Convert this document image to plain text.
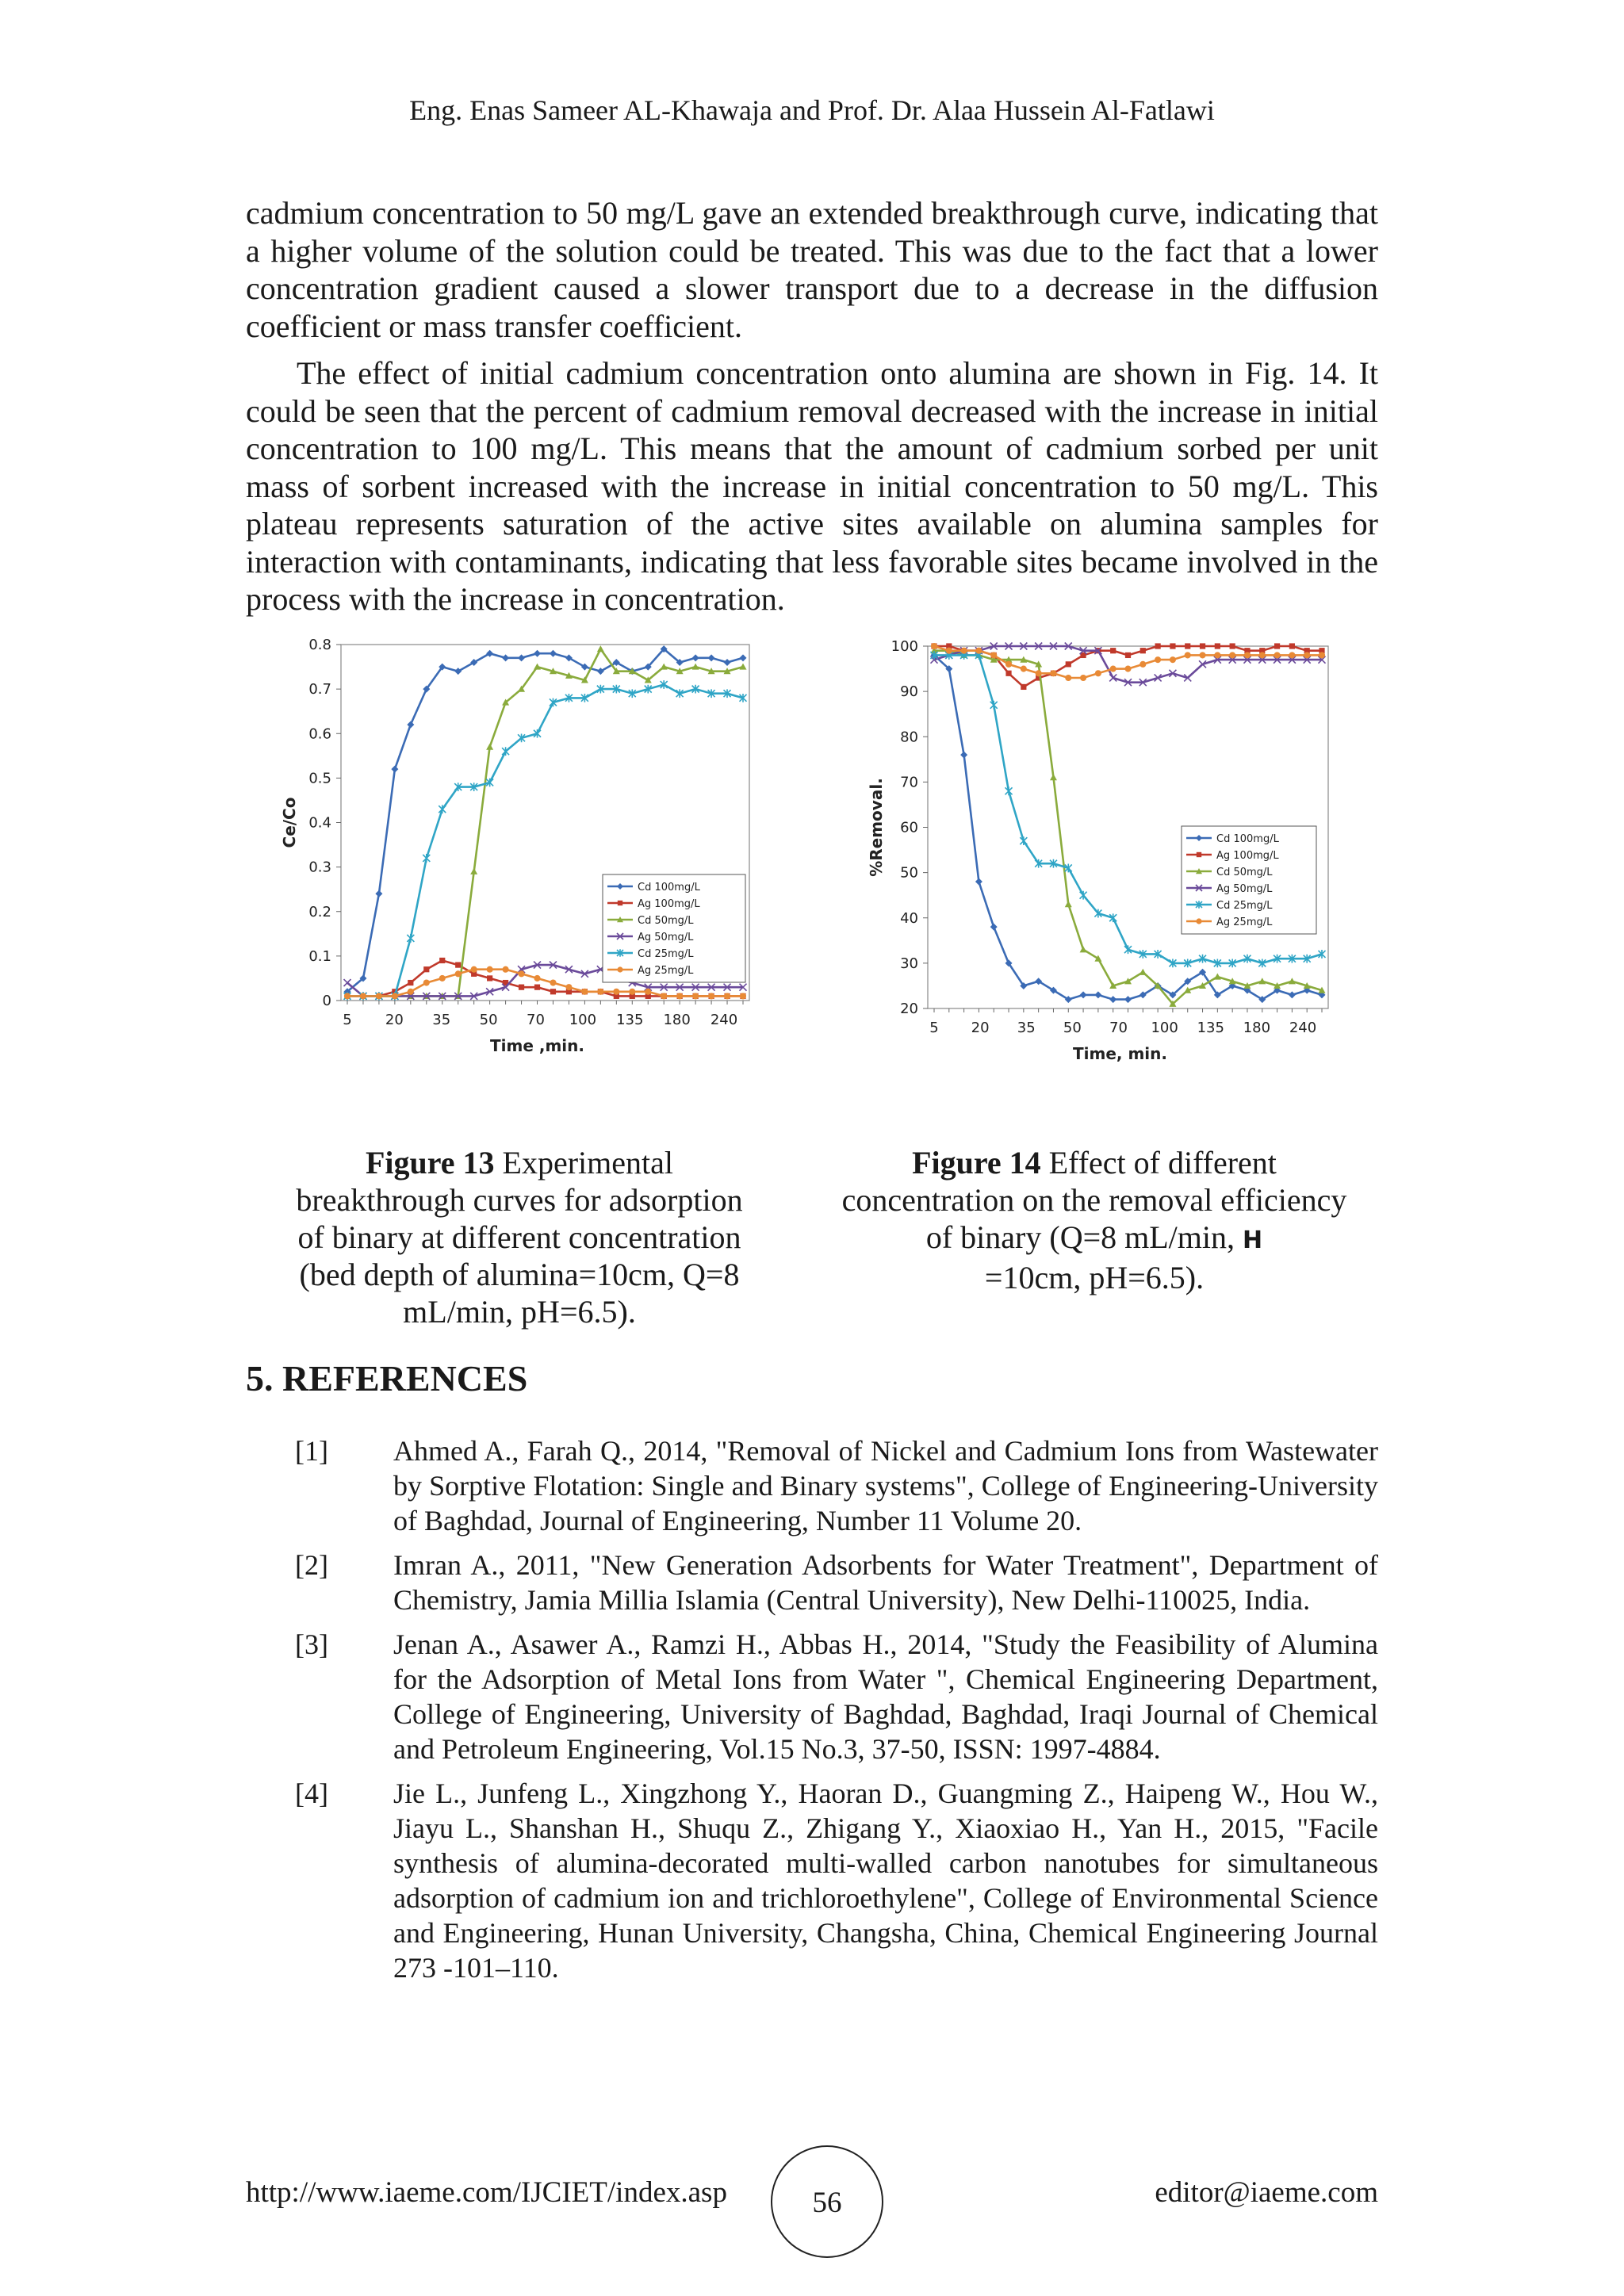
Eng. Enas Sameer AL-Khawaja and Prof. Dr. Alaa Hussein Al-Fatlawi

cadmium concentration to 50 mg/L gave an extended breakthrough curve, indicating that a higher volume of the solution could be treated. This was due to the fact that a lower concentration gradient caused a slower transport due to a decrease in the diffusion coefficient or mass transfer coefficient.

The effect of initial cadmium concentration onto alumina are shown in Fig. 14. It could be seen that the percent of cadmium removal decreased with the increase in initial concentration to 100 mg/L. This means that the amount of cadmium sorbed per unit mass of sorbent increased with the increase in initial concentration to 50 mg/L. This plateau represents saturation of the active sites available on alumina samples for interaction with contaminants, indicating that less favorable sites became involved in the process with the increase in concentration.

0
0.1
0.2
0.3
0.4
0.5
0.6
0.7
0.8
5 20 35 50 70 100 135 180 240
Time ,min.
Ce/Co
Cd 100mg/L
Ag 100mg/L
Cd 50mg/L
Ag 50mg/L
Cd 25mg/L
Ag 25mg/L
20
30
40
50
60
70
80
90
100
5 20 35 50 70 100 135 180 240
Time, min.
%Removal.	Cd 100mg/L
Ag 100mg/L
Cd 50mg/L
Ag 50mg/L
Cd 25mg/L
Ag 25mg/L
Figure 13 Experimental breakthrough curves for adsorption of binary at different concentration (bed depth of alumina=10cm, Q=8 mL/min, pH=6.5).
Figure 14 Effect of different concentration on the removal efficiency of binary (Q=8 mL/min, H
=10cm, pH=6.5).
5. REFERENCES
[1] Ahmed A., Farah Q., 2014, "Removal of Nickel and Cadmium Ions from Wastewater by Sorptive Flotation: Single and Binary systems", College of Engineering-University of Baghdad, Journal of Engineering, Number 11 Volume 20.
[2] Imran A., 2011, "New Generation Adsorbents for Water Treatment", Department of Chemistry, Jamia Millia Islamia (Central University), New Delhi-110025, India.
[3] Jenan A., Asawer A., Ramzi H., Abbas H., 2014, "Study the Feasibility of Alumina for the Adsorption of Metal Ions from Water ", Chemical Engineering Department, College of Engineering, University of Baghdad, Baghdad, Iraqi Journal of Chemical and Petroleum Engineering, Vol.15 No.3, 37-50, ISSN: 1997-4884.
[4] Jie L., Junfeng L., Xingzhong Y., Haoran D., Guangming Z., Haipeng W., Hou W., Jiayu L., Shanshan H., Shuqu Z., Zhigang Y., Xiaoxiao H., Yan H., 2015, "Facile synthesis of alumina-decorated multi-walled carbon nanotubes for simultaneous adsorption of cadmium ion and trichloroethylene", College of Environmental Science and Engineering, Hunan University, Changsha, China, Chemical Engineering Journal 273 -101–110.
http://www.iaeme.com/IJCIET/index.asp	56	editor@iaeme.com
